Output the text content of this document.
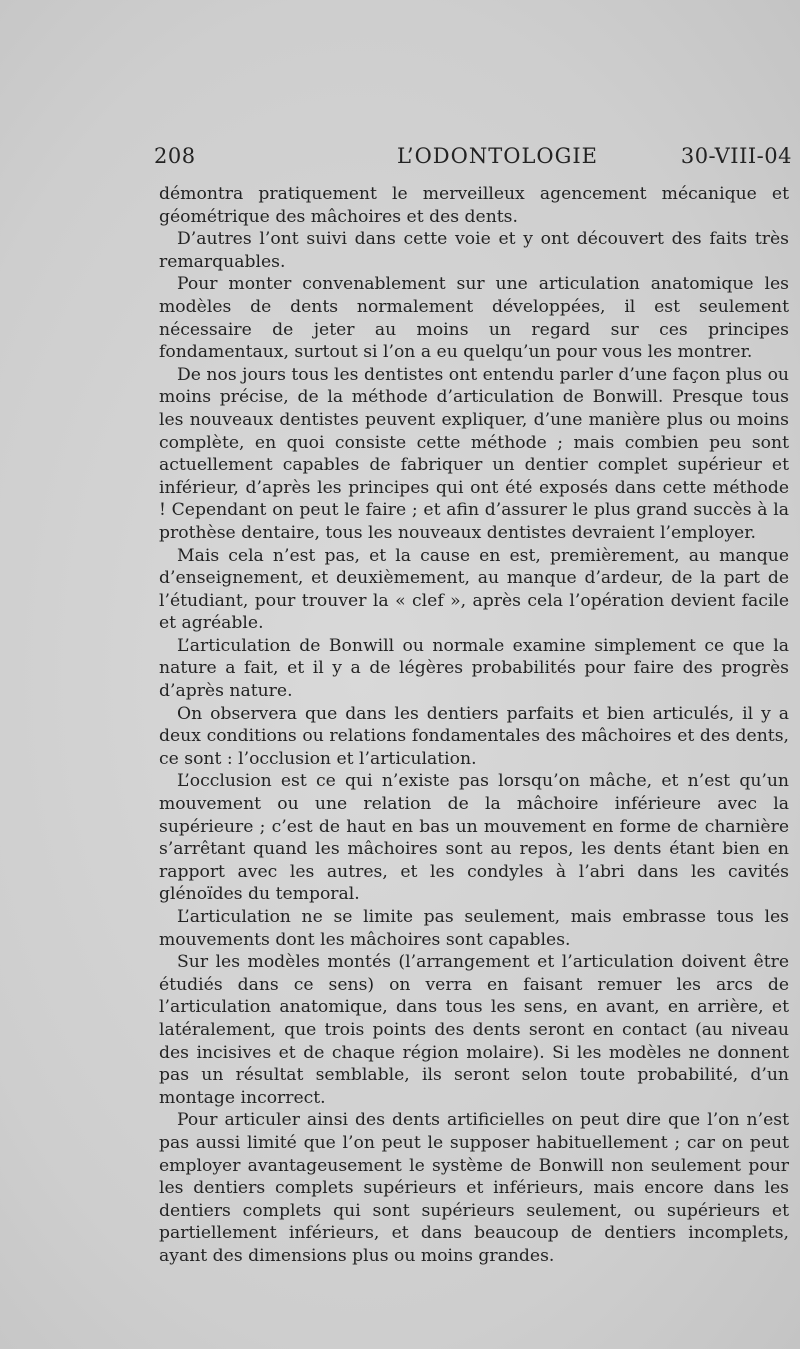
208	L’ODONTOLOGIE	30-VIII-04

démontra pratiquement le merveilleux agencement mécanique et géométrique des mâchoires et des dents.

D’autres l’ont suivi dans cette voie et y ont découvert des faits très remarquables.

Pour monter convenablement sur une articulation anatomique les modèles de dents normalement développées, il est seulement nécessaire de jeter au moins un regard sur ces principes fondamentaux, surtout si l’on a eu quelqu’un pour vous les montrer.

De nos jours tous les dentistes ont entendu parler d’une façon plus ou moins précise, de la méthode d’articulation de Bonwill. Presque tous les nouveaux dentistes peuvent expliquer, d’une manière plus ou moins complète, en quoi consiste cette méthode ; mais combien peu sont actuellement capables de fabriquer un dentier complet supérieur et inférieur, d’après les principes qui ont été exposés dans cette méthode ! Cependant on peut le faire ; et afin d’assurer le plus grand succès à la prothèse dentaire, tous les nouveaux dentistes devraient l’employer.

Mais cela n’est pas, et la cause en est, premièrement, au manque d’enseignement, et deuxièmement, au manque d’ardeur, de la part de l’étudiant, pour trouver la « clef », après cela l’opération devient facile et agréable.

L’articulation de Bonwill ou normale examine simplement ce que la nature a fait, et il y a de légères probabilités pour faire des progrès d’après nature.

On observera que dans les dentiers parfaits et bien articulés, il y a deux conditions ou relations fondamentales des mâchoires et des dents, ce sont : l’occlusion et l’articulation.

L’occlusion est ce qui n’existe pas lorsqu’on mâche, et n’est qu’un mouvement ou une relation de la mâchoire inférieure avec la supérieure ; c’est de haut en bas un mouvement en forme de charnière s’arrêtant quand les mâchoires sont au repos, les dents étant bien en rapport avec les autres, et les condyles à l’abri dans les cavités glénoïdes du temporal.

L’articulation ne se limite pas seulement, mais embrasse tous les mouvements dont les mâchoires sont capables.

Sur les modèles montés (l’arrangement et l’articulation doivent être étudiés dans ce sens) on verra en faisant remuer les arcs de l’articulation anatomique, dans tous les sens, en avant, en arrière, et latéralement, que trois points des dents seront en contact (au niveau des incisives et de chaque région molaire). Si les modèles ne donnent pas un résultat semblable, ils seront selon toute probabilité, d’un montage incorrect.

Pour articuler ainsi des dents artificielles on peut dire que l’on n’est pas aussi limité que l’on peut le supposer habituellement ; car on peut employer avantageusement le système de Bonwill non seulement pour les dentiers complets supérieurs et inférieurs, mais encore dans les dentiers complets qui sont supérieurs seulement, ou supérieurs et partiellement inférieurs, et dans beaucoup de dentiers incomplets, ayant des dimensions plus ou moins grandes.
